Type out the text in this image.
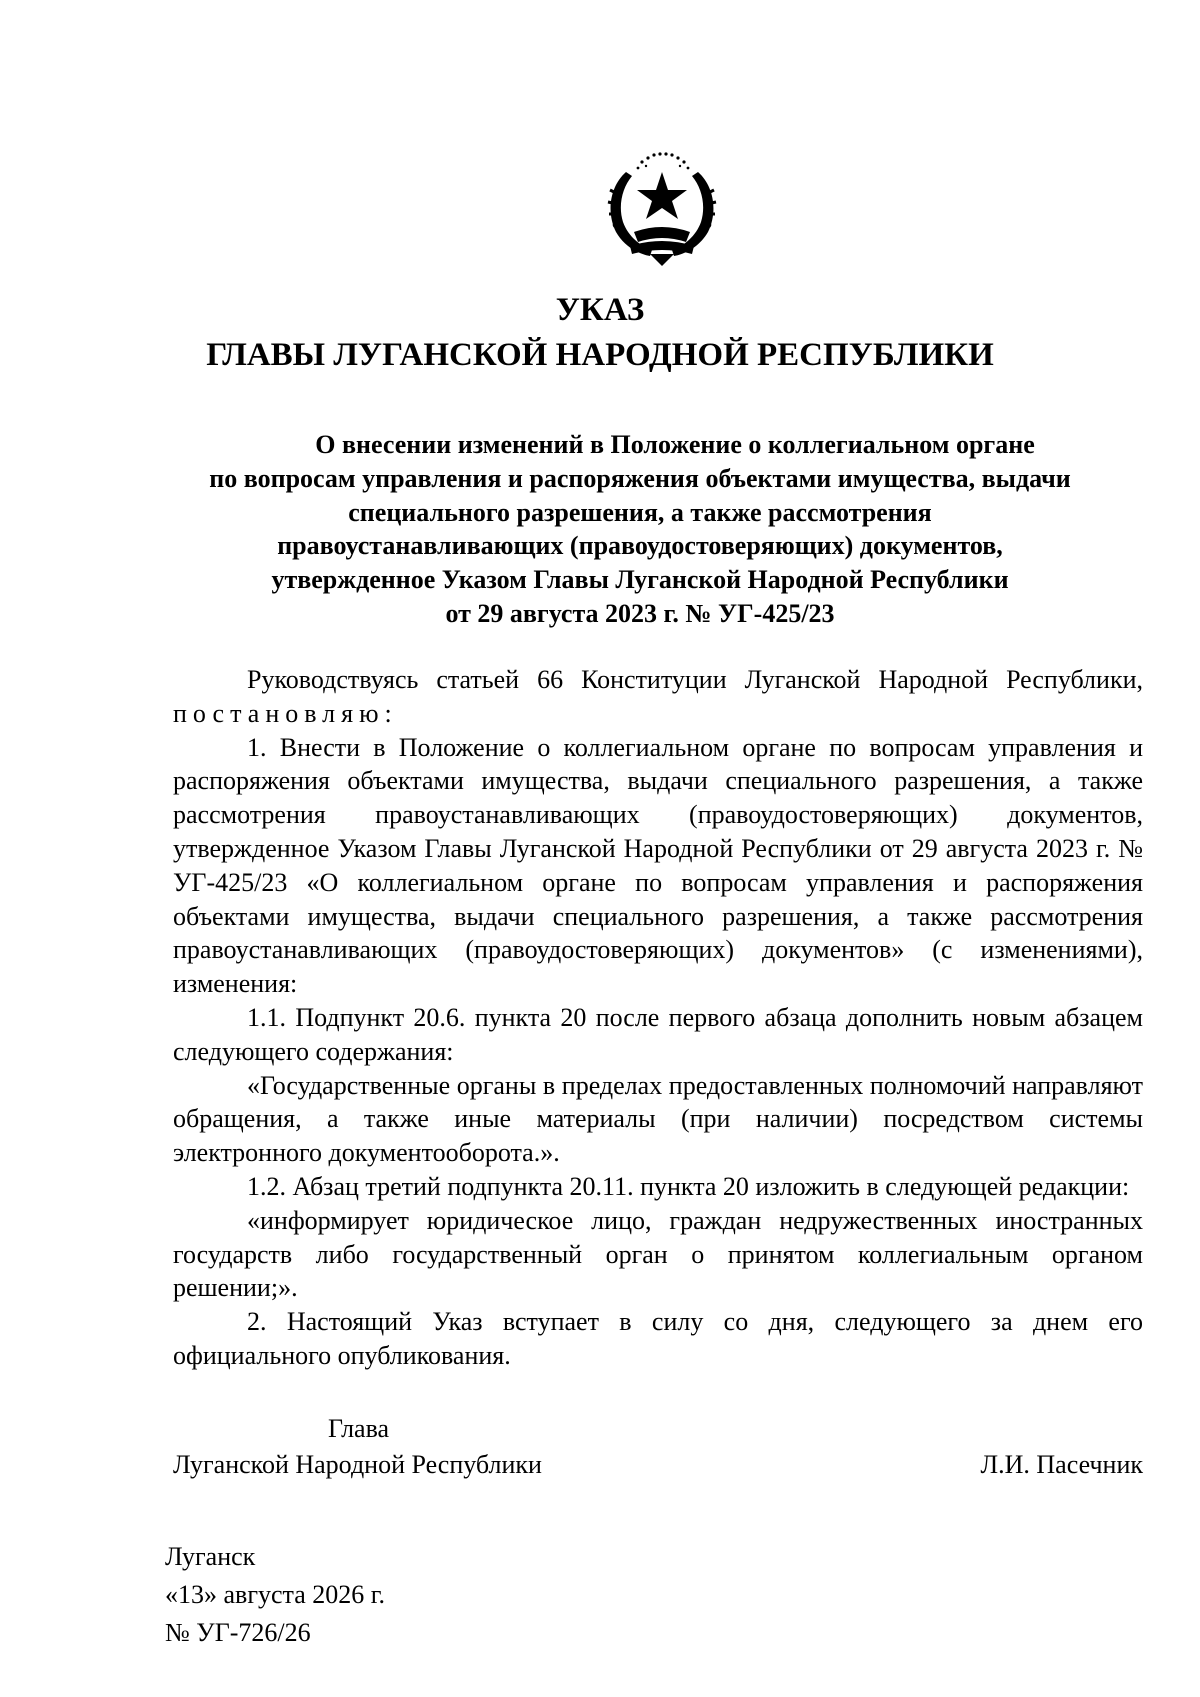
УКАЗ
ГЛАВЫ ЛУГАНСКОЙ НАРОДНОЙ РЕСПУБЛИКИ
О внесении изменений в Положение о коллегиальном органе
по вопросам управления и распоряжения объектами имущества, выдачи
специального разрешения, а также рассмотрения
правоустанавливающих (правоудостоверяющих) документов,
утвержденное Указом Главы Луганской Народной Республики
от 29 августа 2023 г. № УГ-425/23

Руководствуясь статьей 66 Конституции Луганской Народной Республики, постановляю:

1. Внести в Положение о коллегиальном органе по вопросам управления и распоряжения объектами имущества, выдачи специального разрешения, а также рассмотрения правоустанавливающих (правоудостоверяющих) документов, утвержденное Указом Главы Луганской Народной Республики от 29 августа 2023 г. № УГ-425/23 «О коллегиальном органе по вопросам управления и распоряжения объектами имущества, выдачи специального разрешения, а также рассмотрения правоустанавливающих (правоудостоверяющих) документов» (с изменениями), изменения:

1.1. Подпункт 20.6. пункта 20 после первого абзаца дополнить новым абзацем следующего содержания:

«Государственные органы в пределах предоставленных полномочий направляют обращения, а также иные материалы (при наличии) посредством системы электронного документооборота.».

1.2. Абзац третий подпункта 20.11. пункта 20 изложить в следующей редакции:

«информирует юридическое лицо, граждан недружественных иностранных государств либо государственный орган о принятом коллегиальным органом решении;».

2. Настоящий Указ вступает в силу со дня, следующего за днем его официального опубликования.

Глава
Луганской Народной Республики	Л.И. Пасечник
Луганск
«13» августа 2026 г.
№ УГ-726/26
